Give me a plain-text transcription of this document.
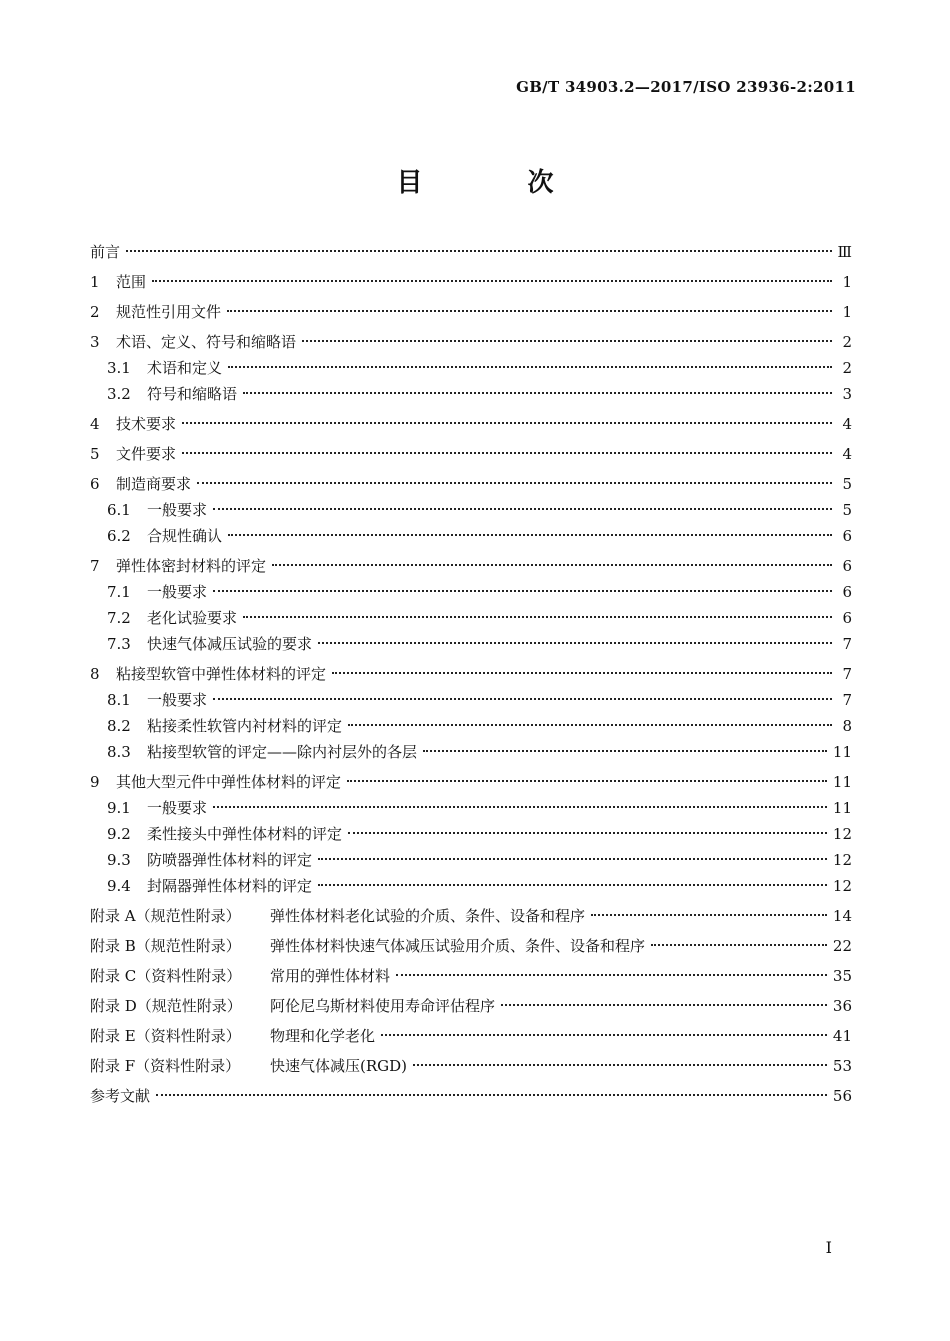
GB/T 34903.2—2017/ISO 23936-2:2011
目 次
前言	Ⅲ
1	范围	1
2	规范性引用文件	1
3	术语、定义、符号和缩略语	2
3.1	术语和定义	2
3.2	符号和缩略语	3
4	技术要求	4
5	文件要求	4
6	制造商要求	5
6.1	一般要求	5
6.2	合规性确认	6
7	弹性体密封材料的评定	6
7.1	一般要求	6
7.2	老化试验要求	6
7.3	快速气体减压试验的要求	7
8	粘接型软管中弹性体材料的评定	7
8.1	一般要求	7
8.2	粘接柔性软管内衬材料的评定	8
8.3	粘接型软管的评定——除内衬层外的各层	11
9	其他大型元件中弹性体材料的评定	11
9.1	一般要求	11
9.2	柔性接头中弹性体材料的评定	12
9.3	防喷器弹性体材料的评定	12
9.4	封隔器弹性体材料的评定	12
附录 A（规范性附录）	弹性体材料老化试验的介质、条件、设备和程序	14
附录 B（规范性附录）	弹性体材料快速气体减压试验用介质、条件、设备和程序	22
附录 C（资料性附录）	常用的弹性体材料	35
附录 D（规范性附录）	阿伦尼乌斯材料使用寿命评估程序	36
附录 E（资料性附录）	物理和化学老化	41
附录 F（资料性附录）	快速气体减压(RGD)	53
参考文献	56
I
